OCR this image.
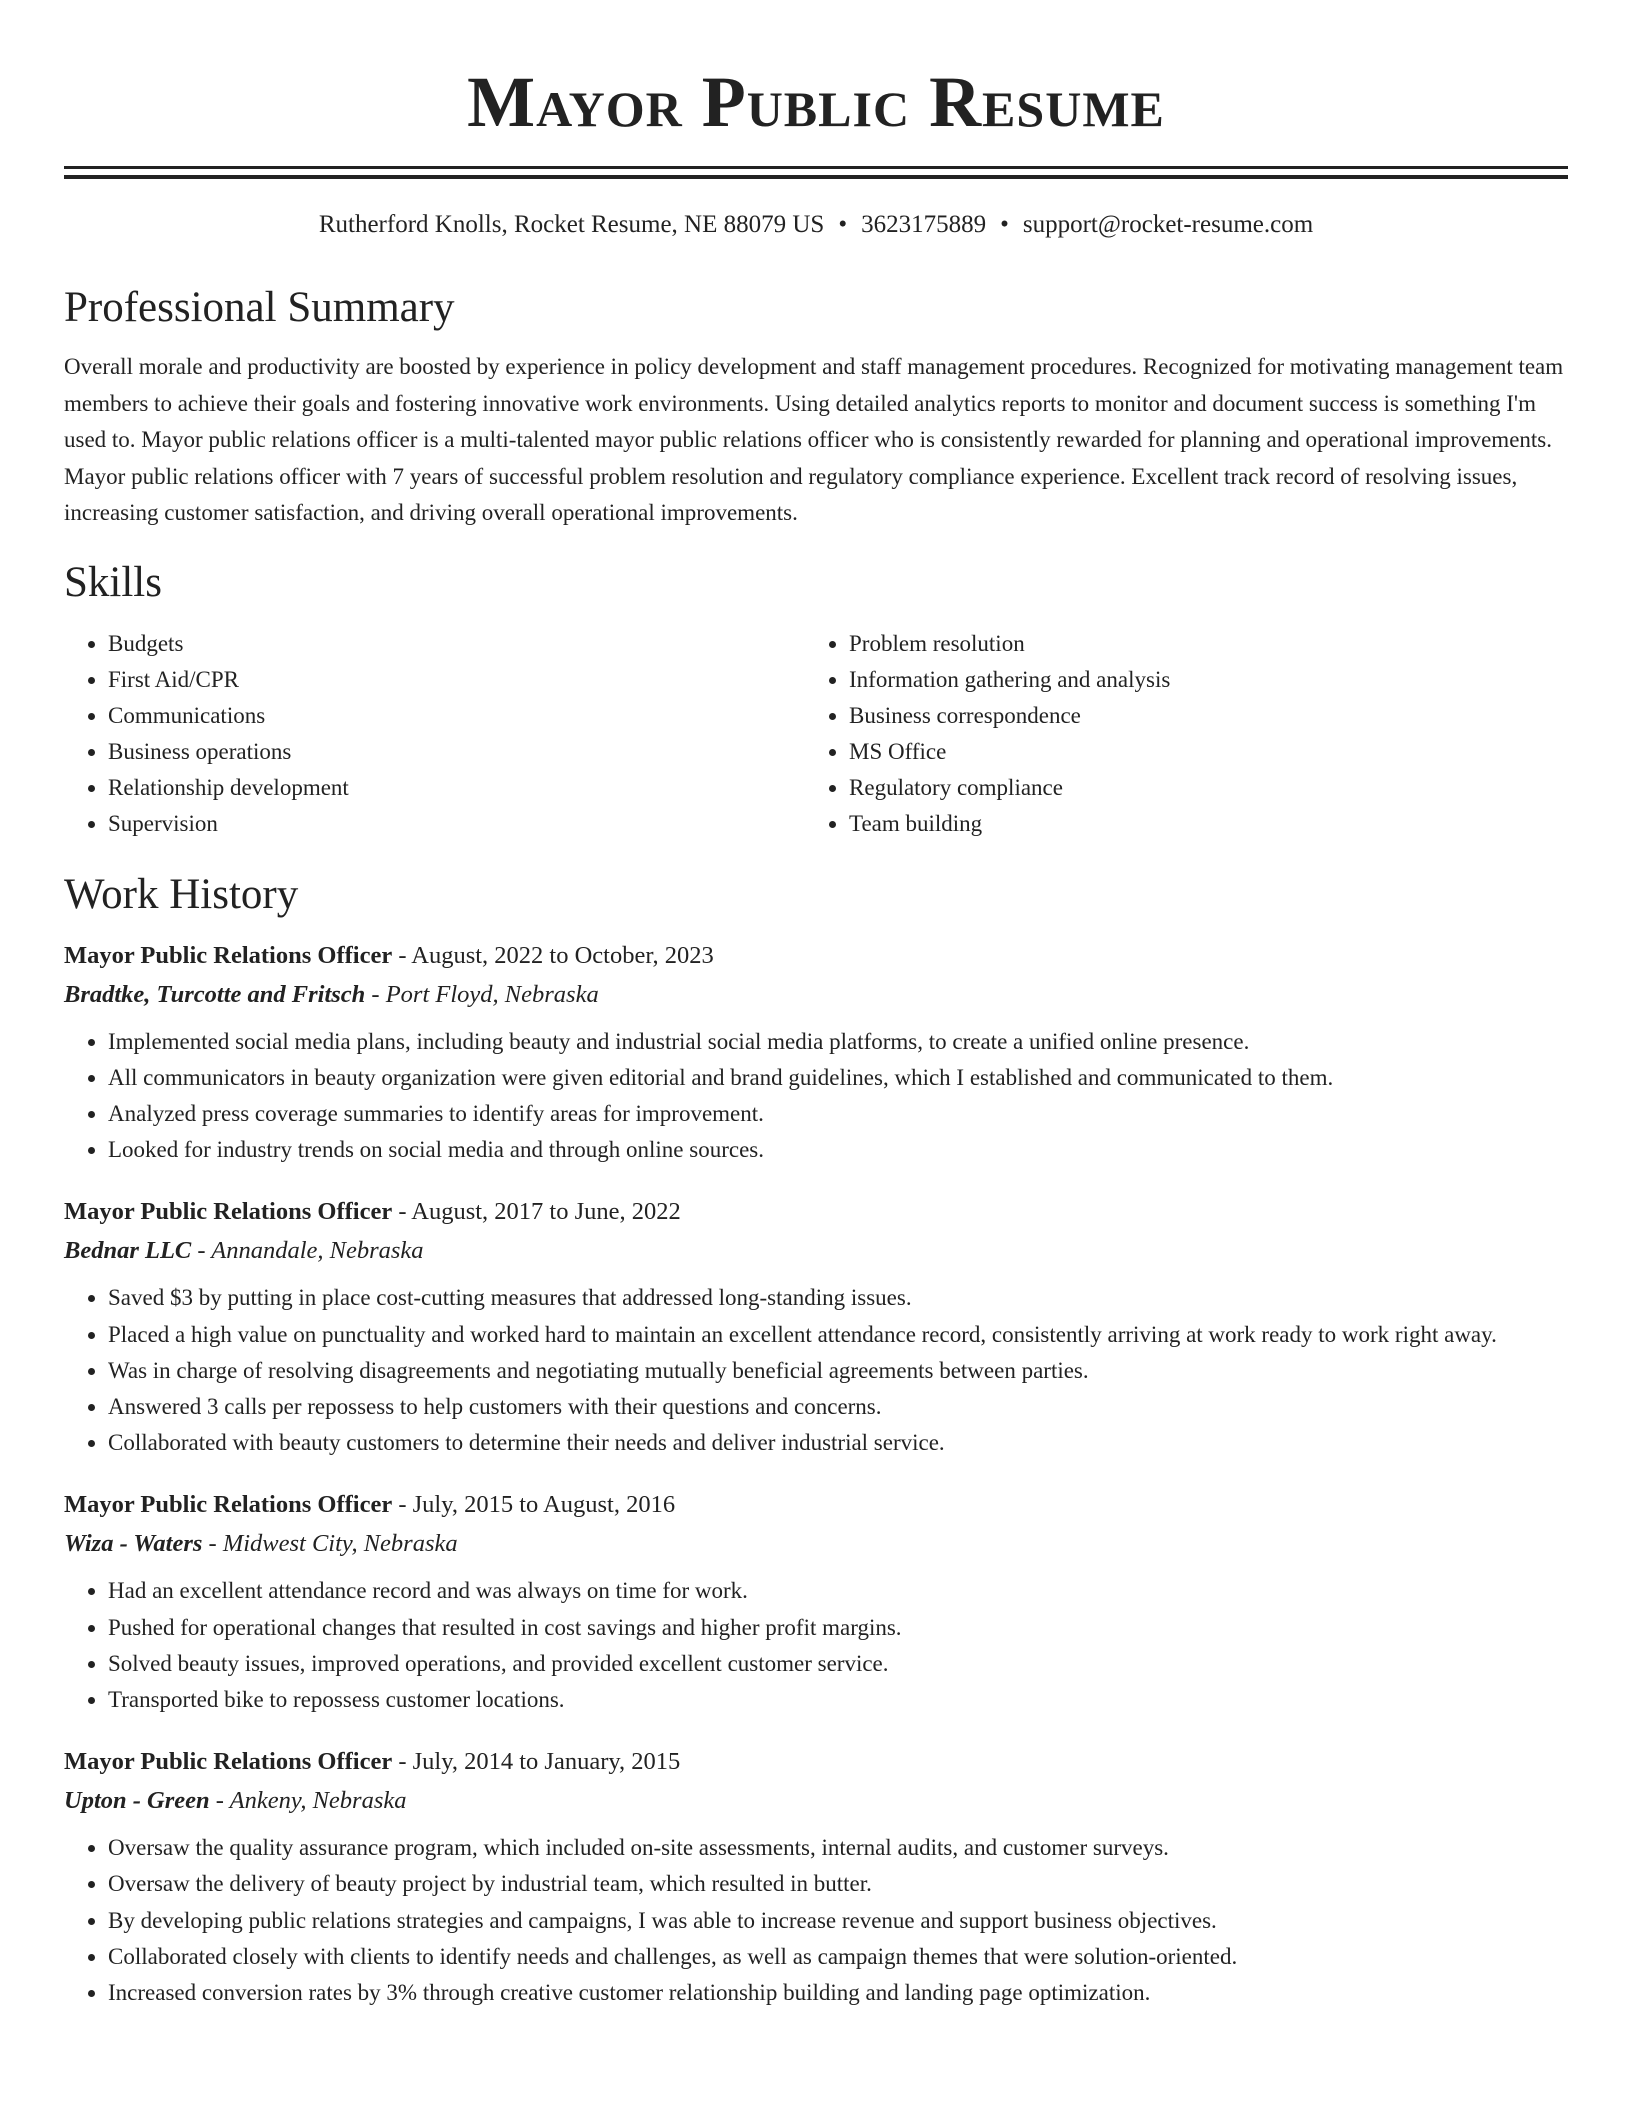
Mayor Public Resume
Rutherford Knolls, Rocket Resume, NE 88079 US • 3623175889 • support@rocket-resume.com
Professional Summary

Overall morale and productivity are boosted by experience in policy development and staff management procedures. Recognized for motivating management team members to achieve their goals and fostering innovative work environments. Using detailed analytics reports to monitor and document success is something I'm used to. Mayor public relations officer is a multi-talented mayor public relations officer who is consistently rewarded for planning and operational improvements. Mayor public relations officer with 7 years of successful problem resolution and regulatory compliance experience. Excellent track record of resolving issues, increasing customer satisfaction, and driving overall operational improvements.

Skills
• Budgets
• First Aid/CPR
• Communications
• Business operations
• Relationship development
• Supervision
• Problem resolution
• Information gathering and analysis
• Business correspondence
• MS Office
• Regulatory compliance
• Team building
Work History
Mayor Public Relations Officer - August, 2022 to October, 2023
Bradtke, Turcotte and Fritsch - Port Floyd, Nebraska
• Implemented social media plans, including beauty and industrial social media platforms, to create a unified online presence.
• All communicators in beauty organization were given editorial and brand guidelines, which I established and communicated to them.
• Analyzed press coverage summaries to identify areas for improvement.
• Looked for industry trends on social media and through online sources.
Mayor Public Relations Officer - August, 2017 to June, 2022
Bednar LLC - Annandale, Nebraska
• Saved $3 by putting in place cost-cutting measures that addressed long-standing issues.
• Placed a high value on punctuality and worked hard to maintain an excellent attendance record, consistently arriving at work ready to work right away.
• Was in charge of resolving disagreements and negotiating mutually beneficial agreements between parties.
• Answered 3 calls per repossess to help customers with their questions and concerns.
• Collaborated with beauty customers to determine their needs and deliver industrial service.
Mayor Public Relations Officer - July, 2015 to August, 2016
Wiza - Waters - Midwest City, Nebraska
• Had an excellent attendance record and was always on time for work.
• Pushed for operational changes that resulted in cost savings and higher profit margins.
• Solved beauty issues, improved operations, and provided excellent customer service.
• Transported bike to repossess customer locations.
Mayor Public Relations Officer - July, 2014 to January, 2015
Upton - Green - Ankeny, Nebraska
• Oversaw the quality assurance program, which included on-site assessments, internal audits, and customer surveys.
• Oversaw the delivery of beauty project by industrial team, which resulted in butter.
• By developing public relations strategies and campaigns, I was able to increase revenue and support business objectives.
• Collaborated closely with clients to identify needs and challenges, as well as campaign themes that were solution-oriented.
• Increased conversion rates by 3% through creative customer relationship building and landing page optimization.
